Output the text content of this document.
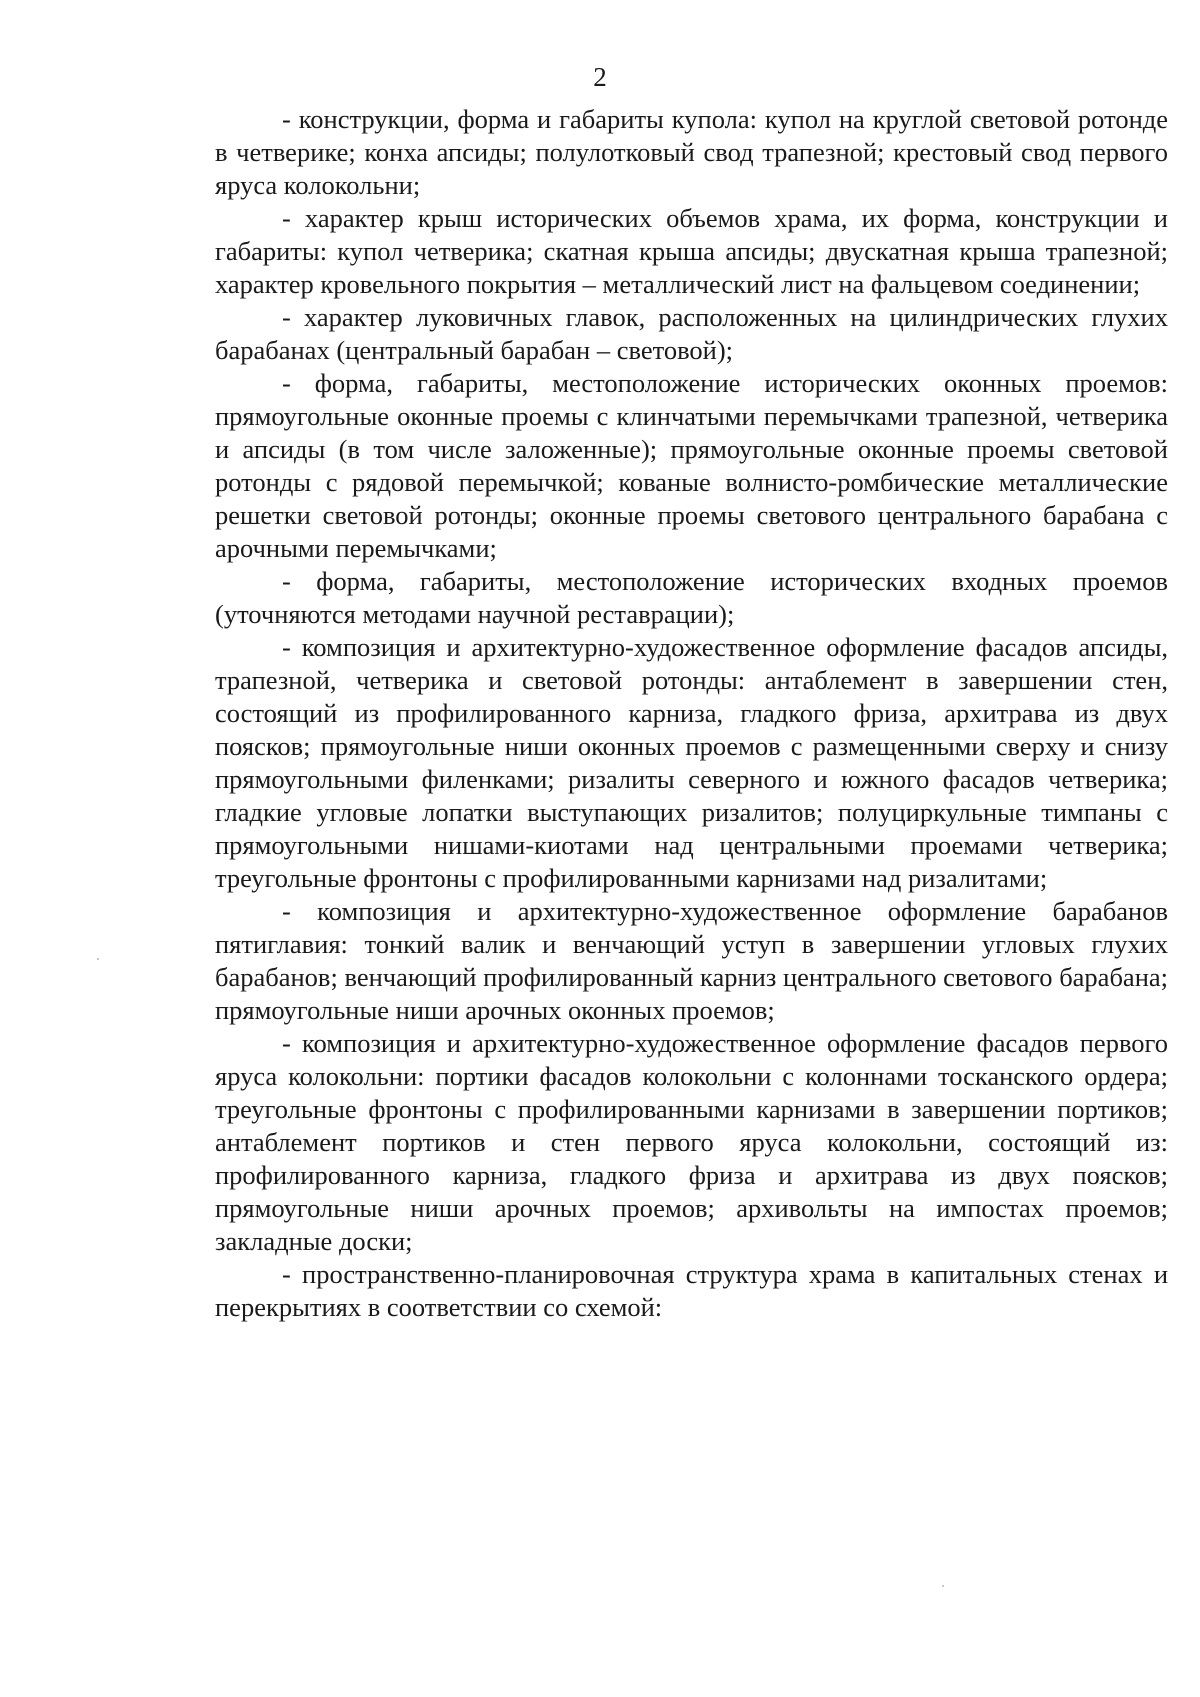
2

- конструкции, форма и габариты купола: купол на круглой световой ротонде в четверике; конха апсиды; полулотковый свод трапезной; крестовый свод первого яруса колокольни;

- характер крыш исторических объемов храма, их форма, конструкции и габариты: купол четверика; скатная крыша апсиды; двускатная крыша трапезной; характер кровельного покрытия – металлический лист на фальцевом соединении;

- характер луковичных главок, расположенных на цилиндрических глухих барабанах (центральный барабан – световой);

- форма, габариты, местоположение исторических оконных проемов: прямоугольные оконные проемы с клинчатыми перемычками трапезной, четверика и апсиды (в том числе заложенные); прямоугольные оконные проемы световой ротонды с рядовой перемычкой; кованые волнисто-ромбические металлические решетки световой ротонды; оконные проемы светового центрального барабана с арочными перемычками;

- форма, габариты, местоположение исторических входных проемов (уточняются методами научной реставрации);

- композиция и архитектурно-художественное оформление фасадов апсиды, трапезной, четверика и световой ротонды: антаблемент в завершении стен, состоящий из профилированного карниза, гладкого фриза, архитрава из двух поясков; прямоугольные ниши оконных проемов с размещенными сверху и снизу прямоугольными филенками; ризалиты северного и южного фасадов четверика; гладкие угловые лопатки выступающих ризалитов; полуциркульные тимпаны с прямоугольными нишами-киотами над центральными проемами четверика; треугольные фронтоны с профилированными карнизами над ризалитами;

- композиция и архитектурно-художественное оформление барабанов пятиглавия: тонкий валик и венчающий уступ в завершении угловых глухих барабанов; венчающий профилированный карниз центрального светового барабана; прямоугольные ниши арочных оконных проемов;

- композиция и архитектурно-художественное оформление фасадов первого яруса колокольни: портики фасадов колокольни с колоннами тосканского ордера; треугольные фронтоны с профилированными карнизами в завершении портиков; антаблемент портиков и стен первого яруса колокольни, состоящий из: профилированного карниза, гладкого фриза и архитрава из двух поясков; прямоугольные ниши арочных проемов; архивольты на импостах проемов; закладные доски;

- пространственно-планировочная структура храма в капитальных стенах и перекрытиях в соответствии со схемой:
